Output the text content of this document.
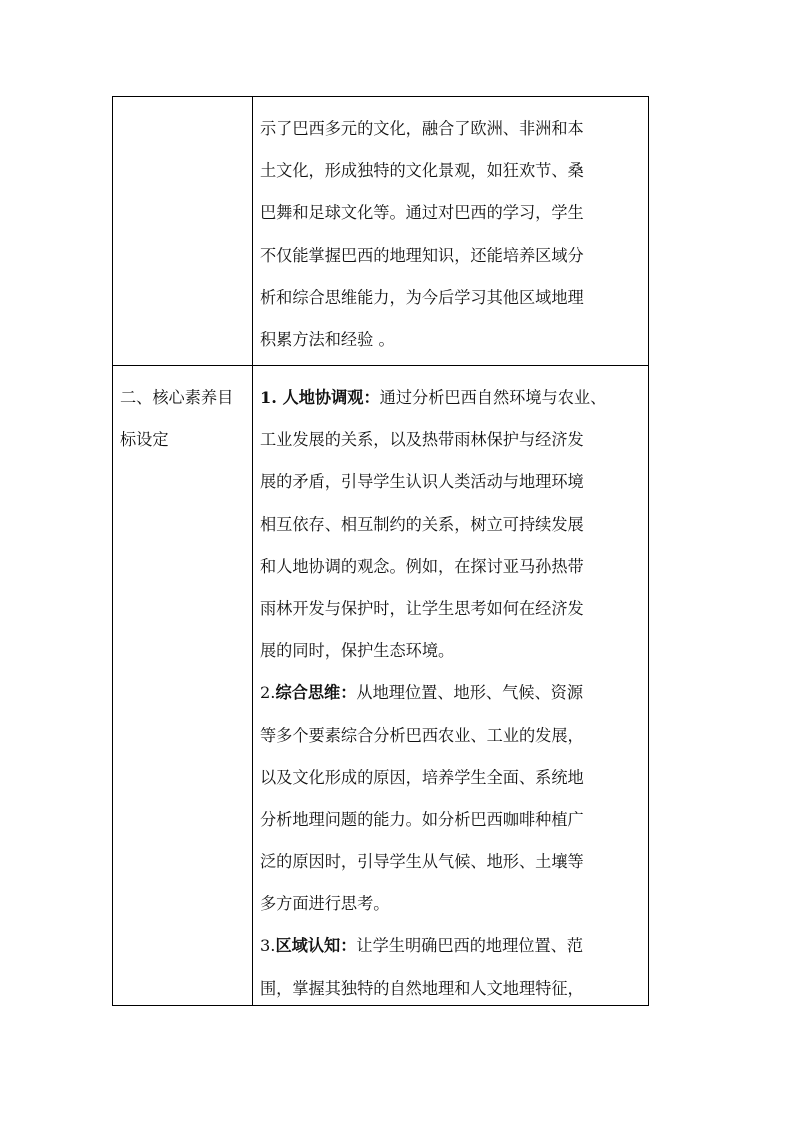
示了巴西多元的文化，融合了欧洲、非洲和本
土文化，形成独特的文化景观，如狂欢节、桑
巴舞和足球文化等。通过对巴西的学习，学生
不仅能掌握巴西的地理知识，还能培养区域分
析和综合思维能力，为今后学习其他区域地理
积累方法和经验 。
二、核心素养目
标设定
1. 人地协调观：通过分析巴西自然环境与农业、
工业发展的关系，以及热带雨林保护与经济发
展的矛盾，引导学生认识人类活动与地理环境
相互依存、相互制约的关系，树立可持续发展
和人地协调的观念。例如，在探讨亚马孙热带
雨林开发与保护时，让学生思考如何在经济发
展的同时，保护生态环境。
2.综合思维：从地理位置、地形、气候、资源
等多个要素综合分析巴西农业、工业的发展，
以及文化形成的原因，培养学生全面、系统地
分析地理问题的能力。如分析巴西咖啡种植广
泛的原因时，引导学生从气候、地形、土壤等
多方面进行思考。
3.区域认知：让学生明确巴西的地理位置、范
围，掌握其独特的自然地理和人文地理特征，
